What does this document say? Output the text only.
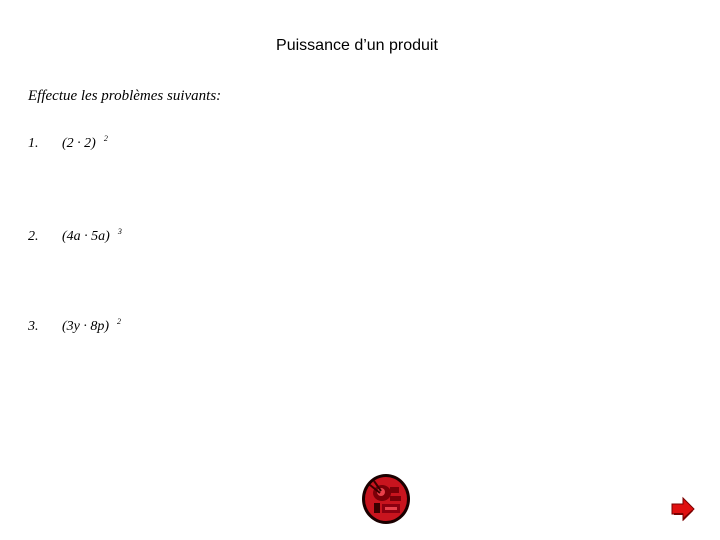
Puissance d’un produit
Effectue les problèmes suivants:
1. (2 · 2) $^2$
2. (4a · 5a) $^3$
3. (3y · 8p) $^2$
